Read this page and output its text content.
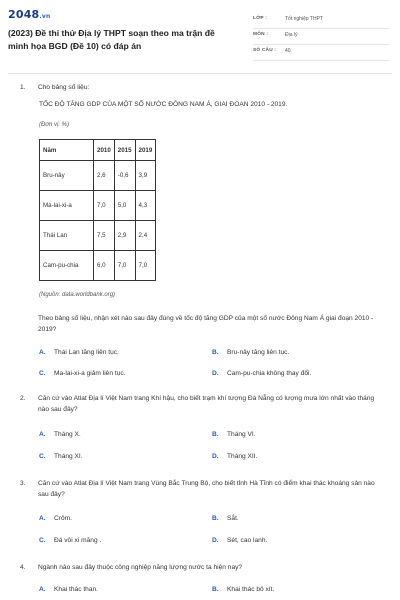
2048.vn
(2023) Đề thi thử Địa lý THPT soạn theo ma trận đề minh họa BGD (Đề 10) có đáp án
LỚP :	Tốt nghiệp THPT
MÔN :	Địa lý
SỐ CÂU : 40
1. Cho bảng số liệu:
TỐC ĐỘ TĂNG GDP CỦA MỘT SỐ NƯỚC ĐÔNG NAM Á, GIAI ĐOẠN 2010 - 2019.
(Đơn vị: %)
Năm	2010	2015	2019
Bru-nây	2,6	-0,6	3,9
Ma-lai-xi-a	7,0	5,0	4,3
Thái Lan	7,5	2,9	2,4
Cam-pu-chia	6,0	7,0	7,0
(Nguồn: data.worldbank.org)
Theo bảng số liệu, nhận xét nào sau đây đúng về tốc độ tăng GDP của một số nước Đông Nam Á giai đoạn 2010 - 2019?
A. Thái Lan tăng liên tục.	B. Bru-nây tăng liên tục.
C. Ma-lai-xi-a giảm liên tục.	D. Cam-pu-chia không thay đổi.
2. Căn cứ vào Atlat Địa lí Việt Nam trang Khí hậu, cho biết trạm khí tượng Đà Nẵng có lượng mưa lớn nhất vào tháng nào sau đây?
A. Tháng X.	B. Tháng VI.
C. Tháng XI.	D. Tháng XII.
3. Căn cứ vào Atlat Địa lí Việt Nam trang Vùng Bắc Trung Bộ, cho biết tỉnh Hà Tĩnh có điểm khai thác khoáng sản nào sau đây?
A. Crôm.	B. Sắt.
C. Đá vôi xi măng .	D. Sét, cao lanh.
4. Ngành nào sau đây thuộc công nghiệp năng lượng nước ta hiện nay?
A. Khai thác than.	B. Khai thác bô xít.
